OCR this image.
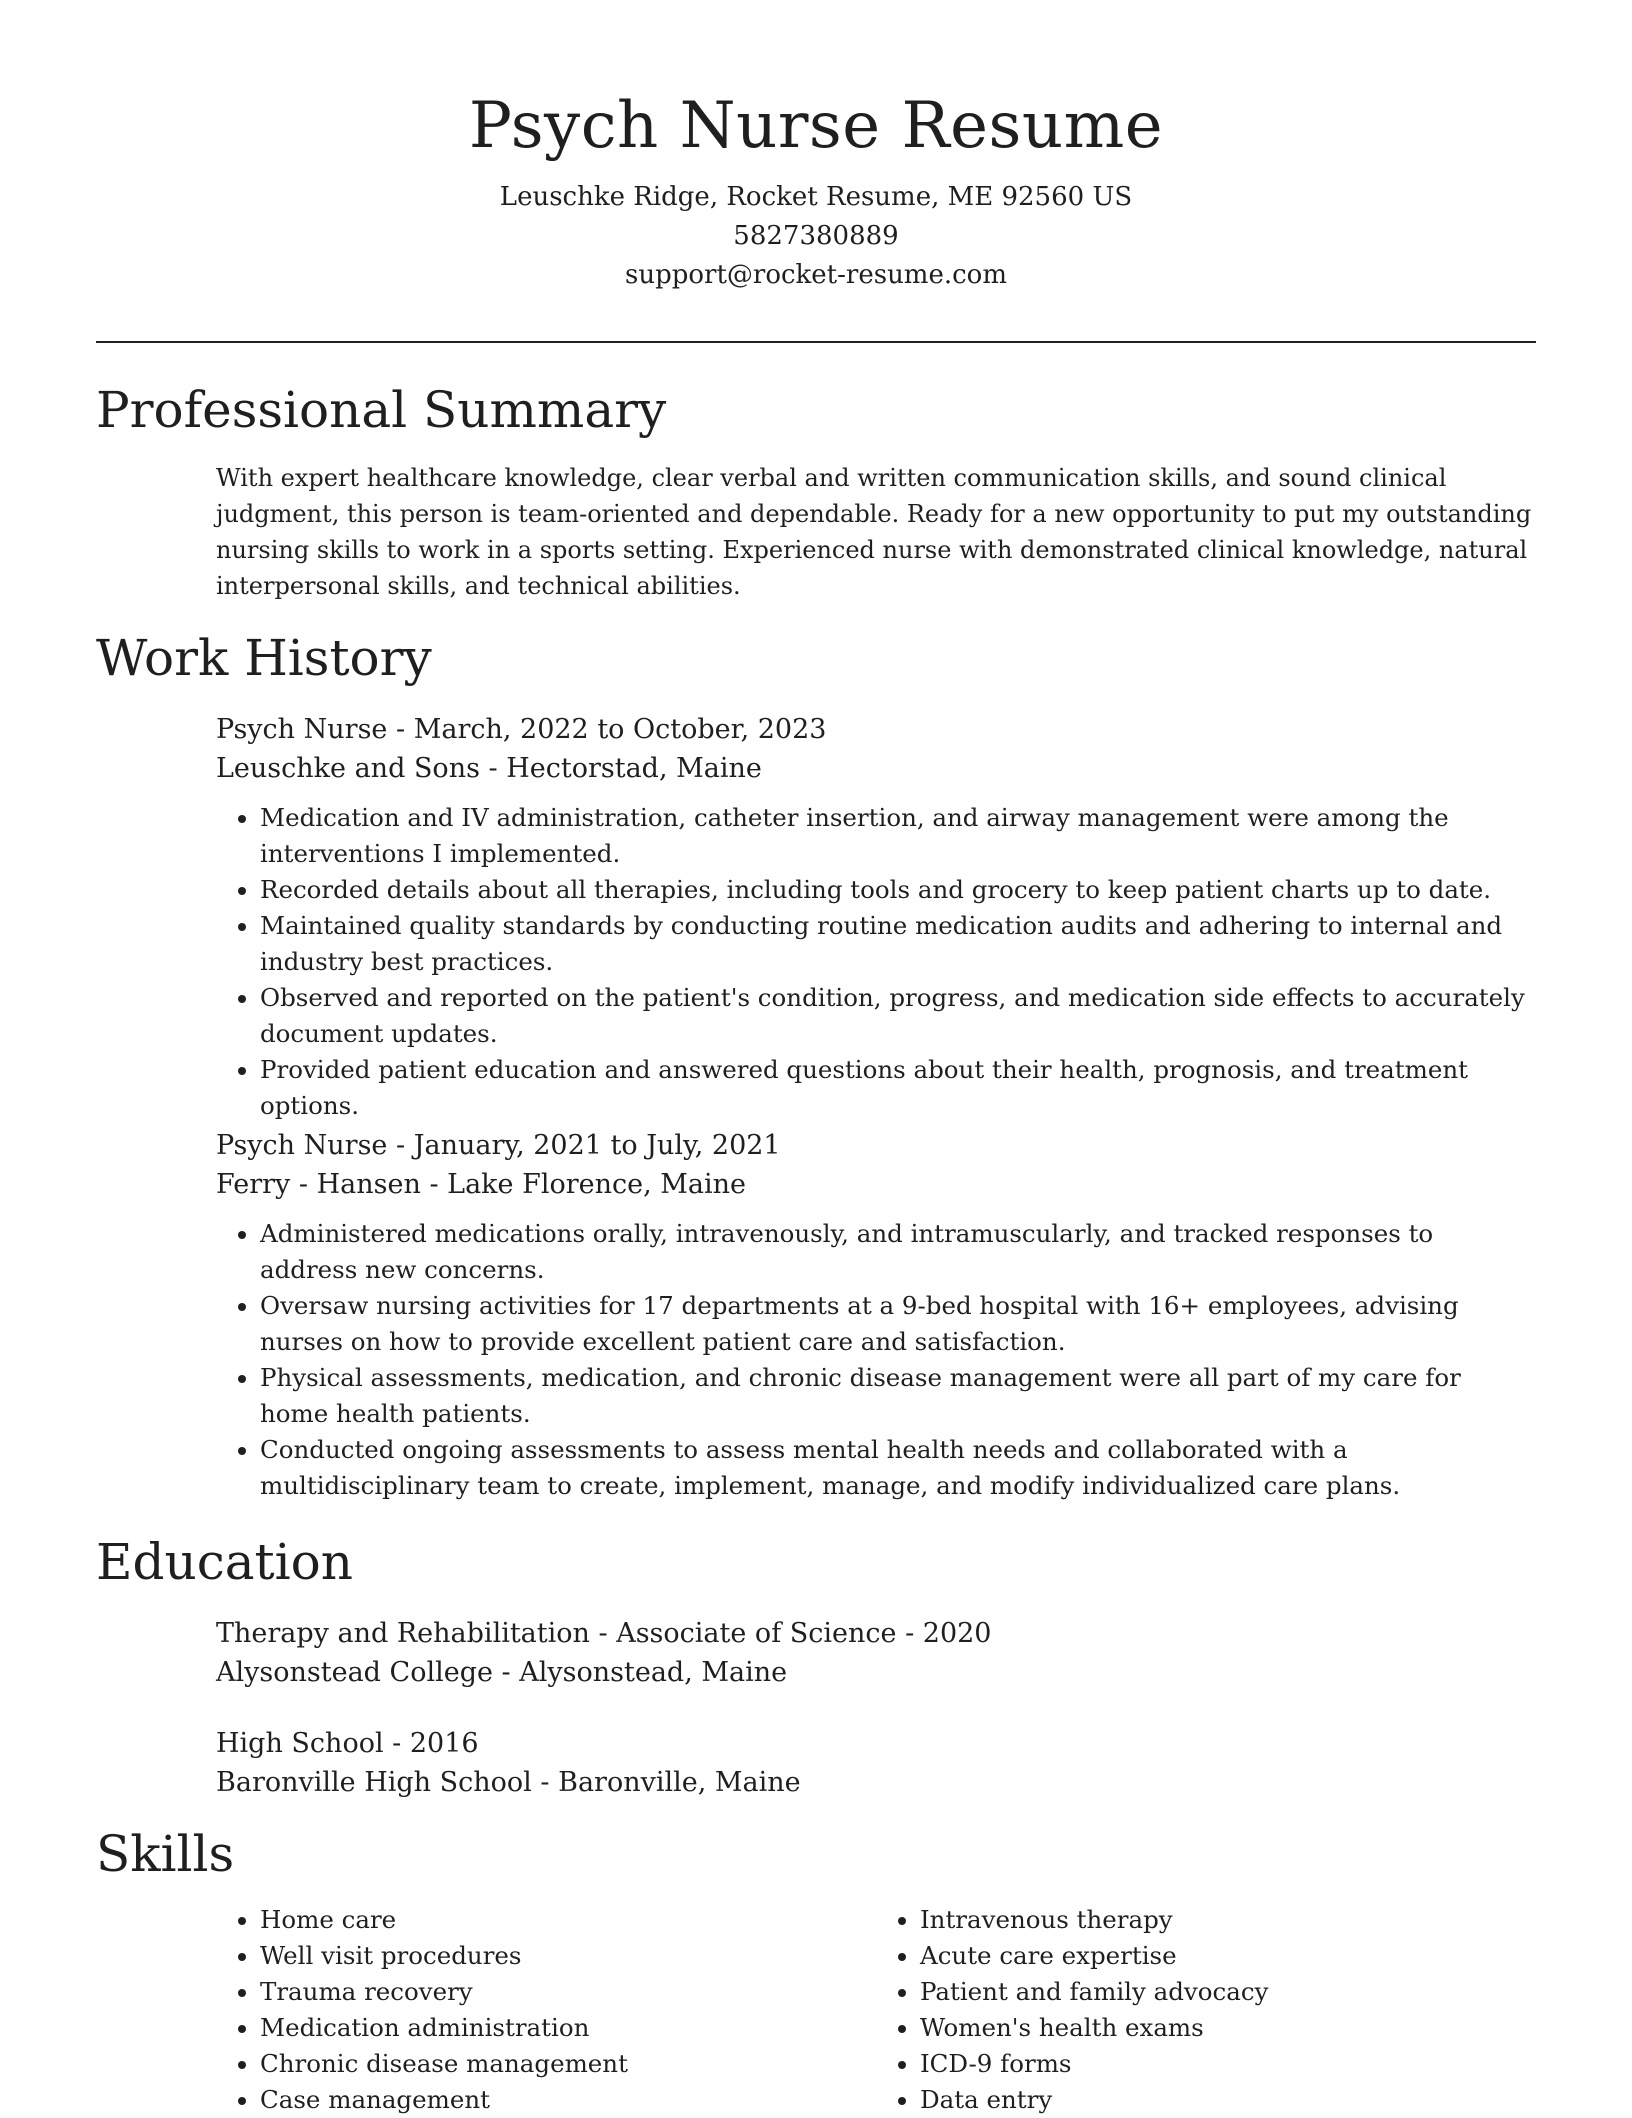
Psych Nurse Resume
Leuschke Ridge, Rocket Resume, ME 92560 US
5827380889
support@rocket-resume.com
Professional Summary
With expert healthcare knowledge, clear verbal and written communication skills, and sound clinical judgment, this person is team-oriented and dependable. Ready for a new opportunity to put my outstanding nursing skills to work in a sports setting. Experienced nurse with demonstrated clinical knowledge, natural interpersonal skills, and technical abilities.
Work History
Psych Nurse - March, 2022 to October, 2023
Leuschke and Sons - Hectorstad, Maine
• Medication and IV administration, catheter insertion, and airway management were among the interventions I implemented.
• Recorded details about all therapies, including tools and grocery to keep patient charts up to date.
• Maintained quality standards by conducting routine medication audits and adhering to internal and industry best practices.
• Observed and reported on the patient's condition, progress, and medication side effects to accurately document updates.
• Provided patient education and answered questions about their health, prognosis, and treatment options.
Psych Nurse - January, 2021 to July, 2021
Ferry - Hansen - Lake Florence, Maine
• Administered medications orally, intravenously, and intramuscularly, and tracked responses to address new concerns.
• Oversaw nursing activities for 17 departments at a 9-bed hospital with 16+ employees, advising nurses on how to provide excellent patient care and satisfaction.
• Physical assessments, medication, and chronic disease management were all part of my care for home health patients.
• Conducted ongoing assessments to assess mental health needs and collaborated with a multidisciplinary team to create, implement, manage, and modify individualized care plans.
Education
Therapy and Rehabilitation - Associate of Science - 2020
Alysonstead College - Alysonstead, Maine
High School - 2016
Baronville High School - Baronville, Maine
Skills
• Home care
• Well visit procedures
• Trauma recovery
• Medication administration
• Chronic disease management
• Case management
• Intravenous therapy
• Acute care expertise
• Patient and family advocacy
• Women's health exams
• ICD-9 forms
• Data entry
